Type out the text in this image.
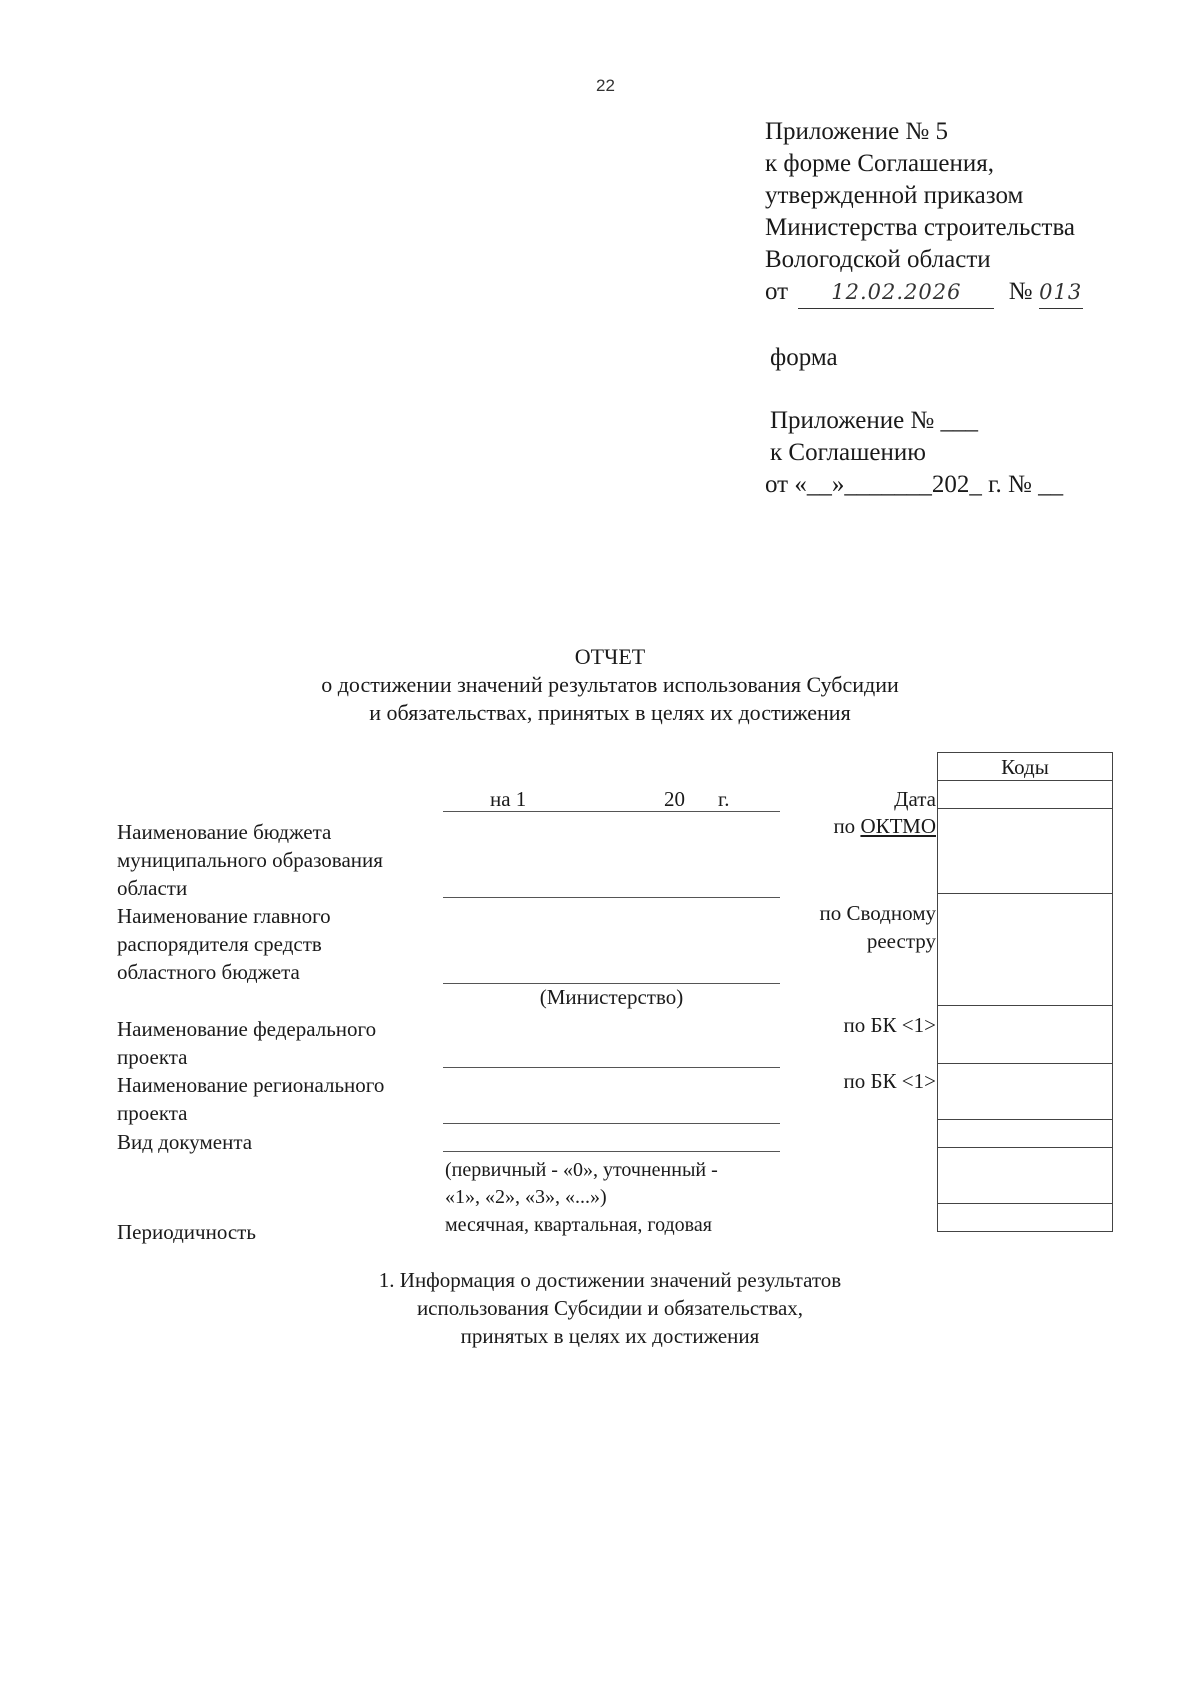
22
Приложение № 5
к форме Соглашения,
утвержденной приказом
Министерства строительства
Вологодской области
от 12.02.2026 № 013
форма
Приложение № ___
к Соглашению
от «__»_______202_ г. № __
ОТЧЕТ
о достижении значений результатов использования Субсидии
и обязательствах, принятых в целях их достижения
Коды
на 1	20 г.
Наименование бюджета
муниципального образования
области
Наименование главного
распорядителя средств
областного бюджета
(Министерство)
Наименование федерального
проекта
Наименование регионального
проекта
Вид документа
(первичный - «0», уточненный -
«1», «2», «3», «...»)
Периодичность	месячная, квартальная, годовая
Дата
по ОКТМО
по Сводному
реестру
по БК <1>
по БК <1>
1. Информация о достижении значений результатов
использования Субсидии и обязательствах,
принятых в целях их достижения
